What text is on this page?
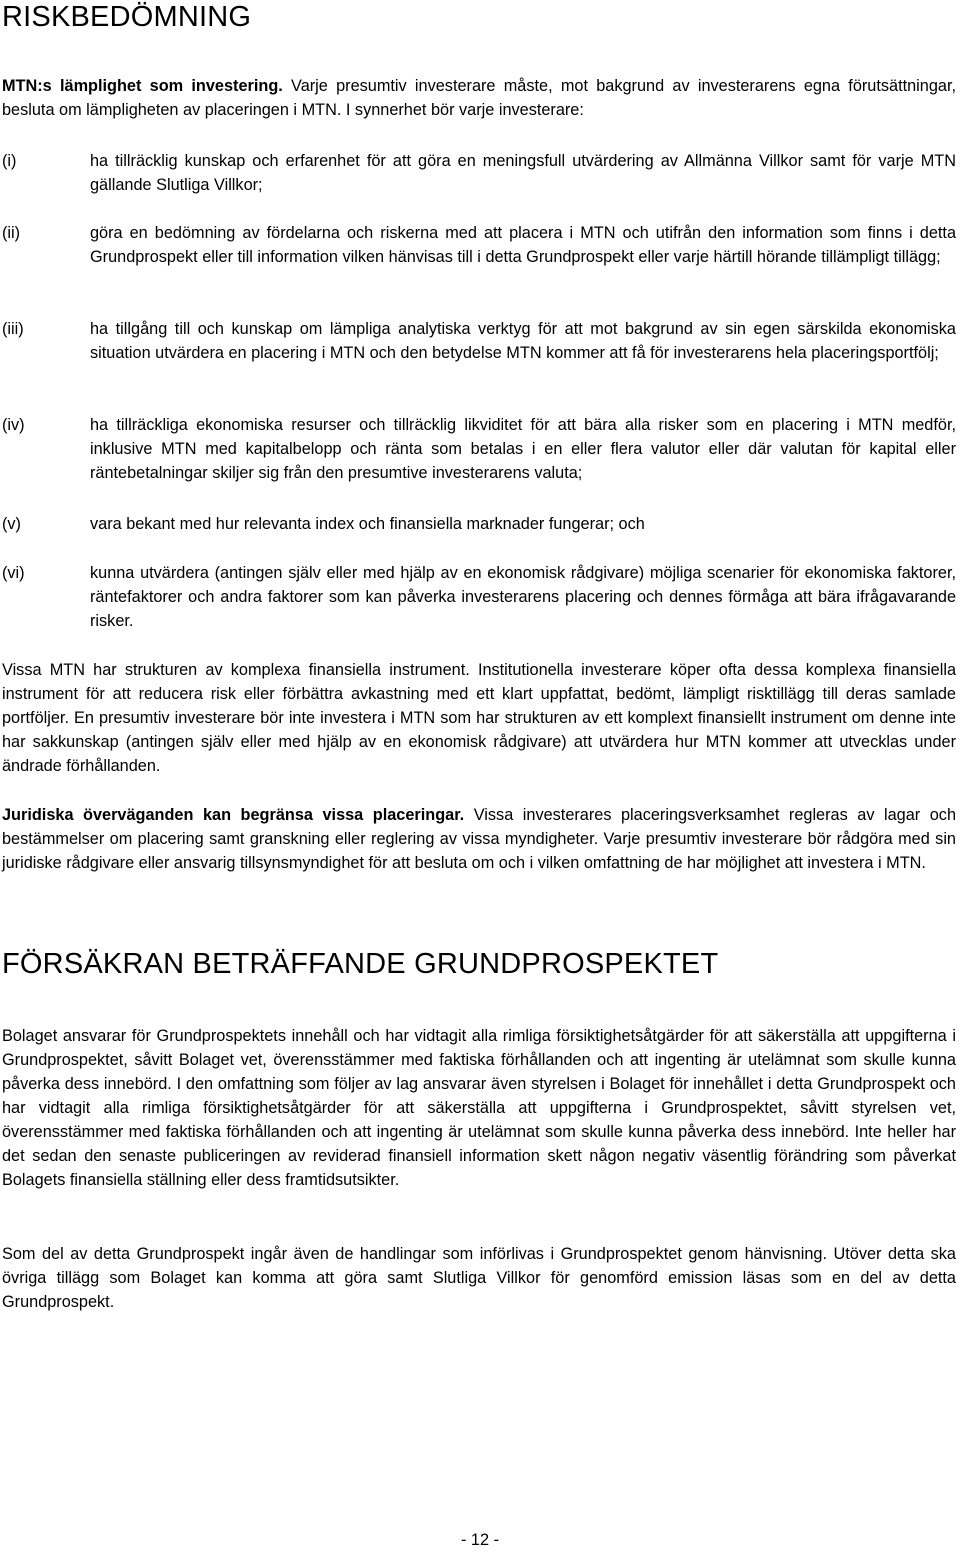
RISKBEDÖMNING

MTN:s lämplighet som investering. Varje presumtiv investerare måste, mot bakgrund av investerarens egna förutsättningar, besluta om lämpligheten av placeringen i MTN. I synnerhet bör varje investerare:

(i)	ha tillräcklig kunskap och erfarenhet för att göra en meningsfull utvärdering av Allmänna Villkor samt för varje MTN gällande Slutliga Villkor;

(ii)	göra en bedömning av fördelarna och riskerna med att placera i MTN och utifrån den information som finns i detta Grundprospekt eller till information vilken hänvisas till i detta Grundprospekt eller varje härtill hörande tillämpligt tillägg;

(iii)	ha tillgång till och kunskap om lämpliga analytiska verktyg för att mot bakgrund av sin egen särskilda ekonomiska situation utvärdera en placering i MTN och den betydelse MTN kommer att få för investerarens hela placeringsportfölj;

(iv)	ha tillräckliga ekonomiska resurser och tillräcklig likviditet för att bära alla risker som en placering i MTN medför, inklusive MTN med kapitalbelopp och ränta som betalas i en eller flera valutor eller där valutan för kapital eller räntebetalningar skiljer sig från den presumtive investerarens valuta;

(v)	vara bekant med hur relevanta index och finansiella marknader fungerar; och

(vi)	kunna utvärdera (antingen själv eller med hjälp av en ekonomisk rådgivare) möjliga scenarier för ekonomiska faktorer, räntefaktorer och andra faktorer som kan påverka investerarens placering och dennes förmåga att bära ifrågavarande risker.

Vissa MTN har strukturen av komplexa finansiella instrument. Institutionella investerare köper ofta dessa komplexa finansiella instrument för att reducera risk eller förbättra avkastning med ett klart uppfattat, bedömt, lämpligt risktillägg till deras samlade portföljer. En presumtiv investerare bör inte investera i MTN som har strukturen av ett komplext finansiellt instrument om denne inte har sakkunskap (antingen själv eller med hjälp av en ekonomisk rådgivare) att utvärdera hur MTN kommer att utvecklas under ändrade förhållanden.

Juridiska överväganden kan begränsa vissa placeringar. Vissa investerares placeringsverksamhet regleras av lagar och bestämmelser om placering samt granskning eller reglering av vissa myndigheter. Varje presumtiv investerare bör rådgöra med sin juridiske rådgivare eller ansvarig tillsynsmyndighet för att besluta om och i vilken omfattning de har möjlighet att investera i MTN.

FÖRSÄKRAN BETRÄFFANDE GRUNDPROSPEKTET

Bolaget ansvarar för Grundprospektets innehåll och har vidtagit alla rimliga försiktighetsåtgärder för att säkerställa att uppgifterna i Grundprospektet, såvitt Bolaget vet, överensstämmer med faktiska förhållanden och att ingenting är utelämnat som skulle kunna påverka dess innebörd. I den omfattning som följer av lag ansvarar även styrelsen i Bolaget för innehållet i detta Grundprospekt och har vidtagit alla rimliga försiktighetsåtgärder för att säkerställa att uppgifterna i Grundprospektet, såvitt styrelsen vet, överensstämmer med faktiska förhållanden och att ingenting är utelämnat som skulle kunna påverka dess innebörd. Inte heller har det sedan den senaste publiceringen av reviderad finansiell information skett någon negativ väsentlig förändring som påverkat Bolagets finansiella ställning eller dess framtidsutsikter.

Som del av detta Grundprospekt ingår även de handlingar som införlivas i Grundprospektet genom hänvisning. Utöver detta ska övriga tillägg som Bolaget kan komma att göra samt Slutliga Villkor för genomförd emission läsas som en del av detta Grundprospekt.

- 12 -
